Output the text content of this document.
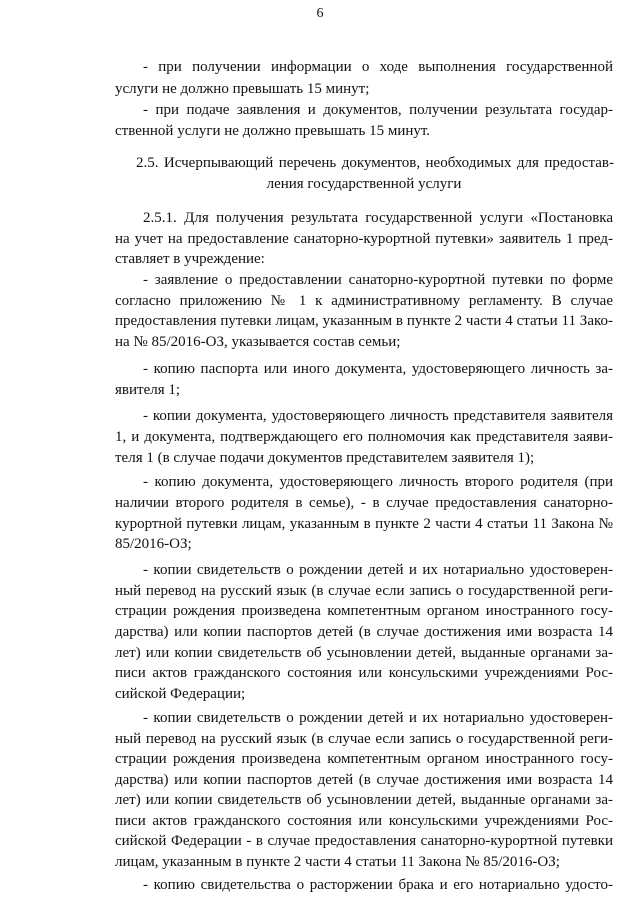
6
- при получении информации о ходе выполнения государственной
услуги не должно превышать 15 минут;
- при подаче заявления и документов, получении результата государ-
ственной услуги не должно превышать 15 минут.
2.5. Исчерпывающий перечень документов, необходимых для предостав-
ления государственной услуги
2.5.1. Для получения результата государственной услуги «Постановка
на учет на предоставление санаторно-курортной путевки» заявитель 1 пред-
ставляет в учреждение:
- заявление о предоставлении санаторно-курортной путевки по форме
согласно приложению № 1 к административному регламенту. В случае
предоставления путевки лицам, указанным в пункте 2 части 4 статьи 11 Зако-
на № 85/2016-ОЗ, указывается состав семьи;
- копию паспорта или иного документа, удостоверяющего личность за-
явителя 1;
- копии документа, удостоверяющего личность представителя заявителя
1, и документа, подтверждающего его полномочия как представителя заяви-
теля 1 (в случае подачи документов представителем заявителя 1);
- копию документа, удостоверяющего личность второго родителя (при
наличии второго родителя в семье), - в случае предоставления санаторно-
курортной путевки лицам, указанным в пункте 2 части 4 статьи 11 Закона №
85/2016-ОЗ;
- копии свидетельств о рождении детей и их нотариально удостоверен-
ный перевод на русский язык (в случае если запись о государственной реги-
страции рождения произведена компетентным органом иностранного госу-
дарства) или копии паспортов детей (в случае достижения ими возраста 14
лет) или копии свидетельств об усыновлении детей, выданные органами за-
писи актов гражданского состояния или консульскими учреждениями Рос-
сийской Федерации;
- копии свидетельств о рождении детей и их нотариально удостоверен-
ный перевод на русский язык (в случае если запись о государственной реги-
страции рождения произведена компетентным органом иностранного госу-
дарства) или копии паспортов детей (в случае достижения ими возраста 14
лет) или копии свидетельств об усыновлении детей, выданные органами за-
писи актов гражданского состояния или консульскими учреждениями Рос-
сийской Федерации - в случае предоставления санаторно-курортной путевки
лицам, указанным в пункте 2 части 4 статьи 11 Закона № 85/2016-ОЗ;
- копию свидетельства о расторжении брака и его нотариально удосто-
